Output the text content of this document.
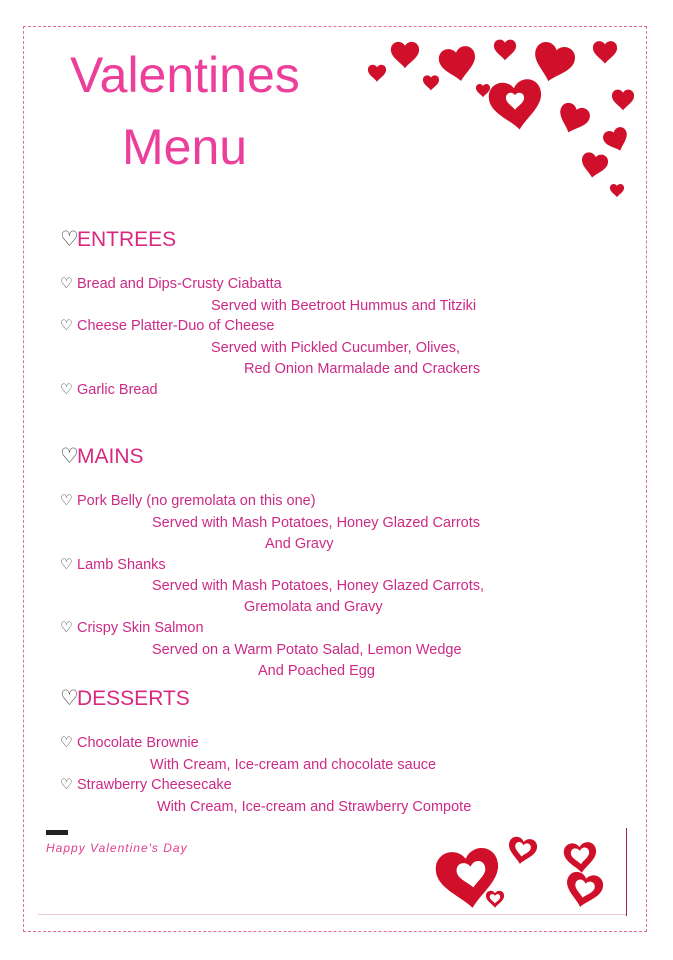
Valentines
Menu
♡ENTREES
♡ Bread and Dips-Crusty Ciabatta
Served with Beetroot Hummus and Titziki
♡ Cheese Platter-Duo of Cheese
Served with Pickled Cucumber, Olives,
Red Onion Marmalade and Crackers
♡ Garlic Bread
♡MAINS
♡ Pork Belly (no gremolata on this one)
Served with Mash Potatoes, Honey Glazed Carrots
And Gravy
♡ Lamb Shanks
Served with Mash Potatoes, Honey Glazed Carrots,
Gremolata and Gravy
♡ Crispy Skin Salmon
Served on a Warm Potato Salad, Lemon Wedge
And Poached Egg
♡DESSERTS
♡ Chocolate Brownie
With Cream, Ice-cream and chocolate sauce
♡ Strawberry Cheesecake
With Cream, Ice-cream and Strawberry Compote
Happy Valentine's Day
